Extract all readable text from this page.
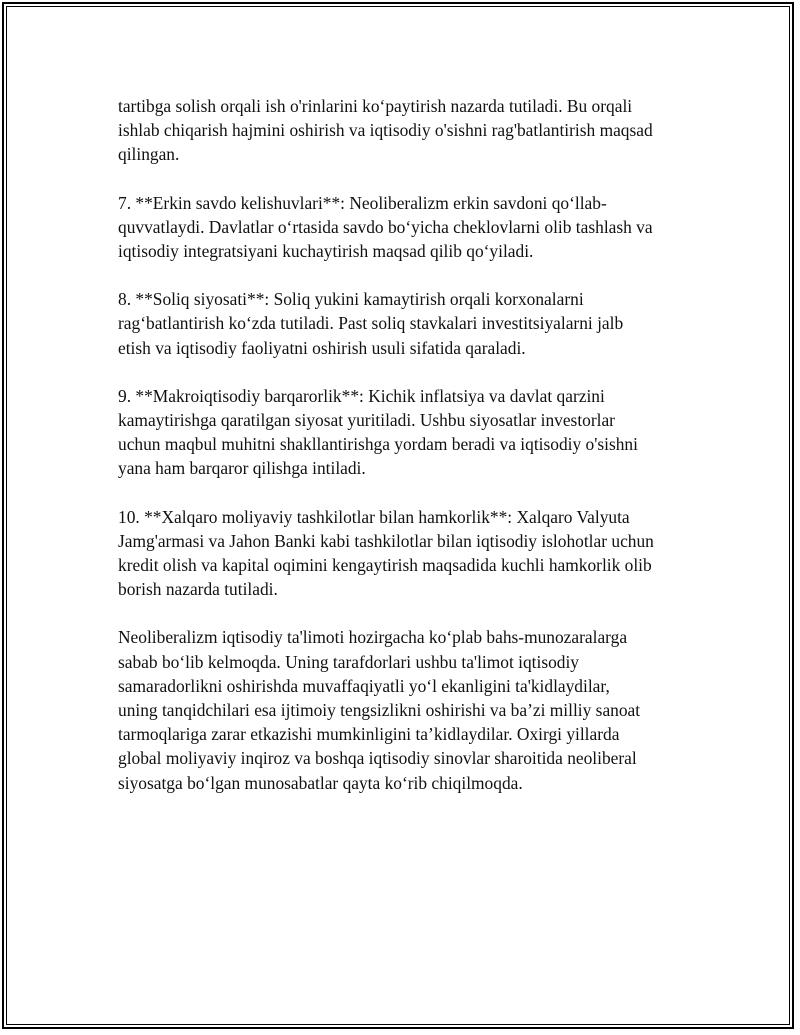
tartibga solish orqali ish o'rinlarini ko‘paytirish nazarda tutiladi. Bu orqali
ishlab chiqarish hajmini oshirish va iqtisodiy o'sishni rag'batlantirish maqsad
qilingan.

7. **Erkin savdo kelishuvlari**: Neoliberalizm erkin savdoni qo‘llab-
quvvatlaydi. Davlatlar o‘rtasida savdo bo‘yicha cheklovlarni olib tashlash va
iqtisodiy integratsiyani kuchaytirish maqsad qilib qo‘yiladi.

8. **Soliq siyosati**: Soliq yukini kamaytirish orqali korxonalarni
rag‘batlantirish ko‘zda tutiladi. Past soliq stavkalari investitsiyalarni jalb
etish va iqtisodiy faoliyatni oshirish usuli sifatida qaraladi.

9. **Makroiqtisodiy barqarorlik**: Kichik inflatsiya va davlat qarzini
kamaytirishga qaratilgan siyosat yuritiladi. Ushbu siyosatlar investorlar
uchun maqbul muhitni shakllantirishga yordam beradi va iqtisodiy o'sishni
yana ham barqaror qilishga intiladi.

10. **Xalqaro moliyaviy tashkilotlar bilan hamkorlik**: Xalqaro Valyuta
Jamg'armasi va Jahon Banki kabi tashkilotlar bilan iqtisodiy islohotlar uchun
kredit olish va kapital oqimini kengaytirish maqsadida kuchli hamkorlik olib
borish nazarda tutiladi.

Neoliberalizm iqtisodiy ta'limoti hozirgacha ko‘plab bahs-munozaralarga
sabab bo‘lib kelmoqda. Uning tarafdorlari ushbu ta'limot iqtisodiy
samaradorlikni oshirishda muvaffaqiyatli yo‘l ekanligini ta'kidlaydilar,
uning tanqidchilari esa ijtimoiy tengsizlikni oshirishi va ba’zi milliy sanoat
tarmoqlariga zarar etkazishi mumkinligini ta’kidlaydilar. Oxirgi yillarda
global moliyaviy inqiroz va boshqa iqtisodiy sinovlar sharoitida neoliberal
siyosatga bo‘lgan munosabatlar qayta ko‘rib chiqilmoqda.
